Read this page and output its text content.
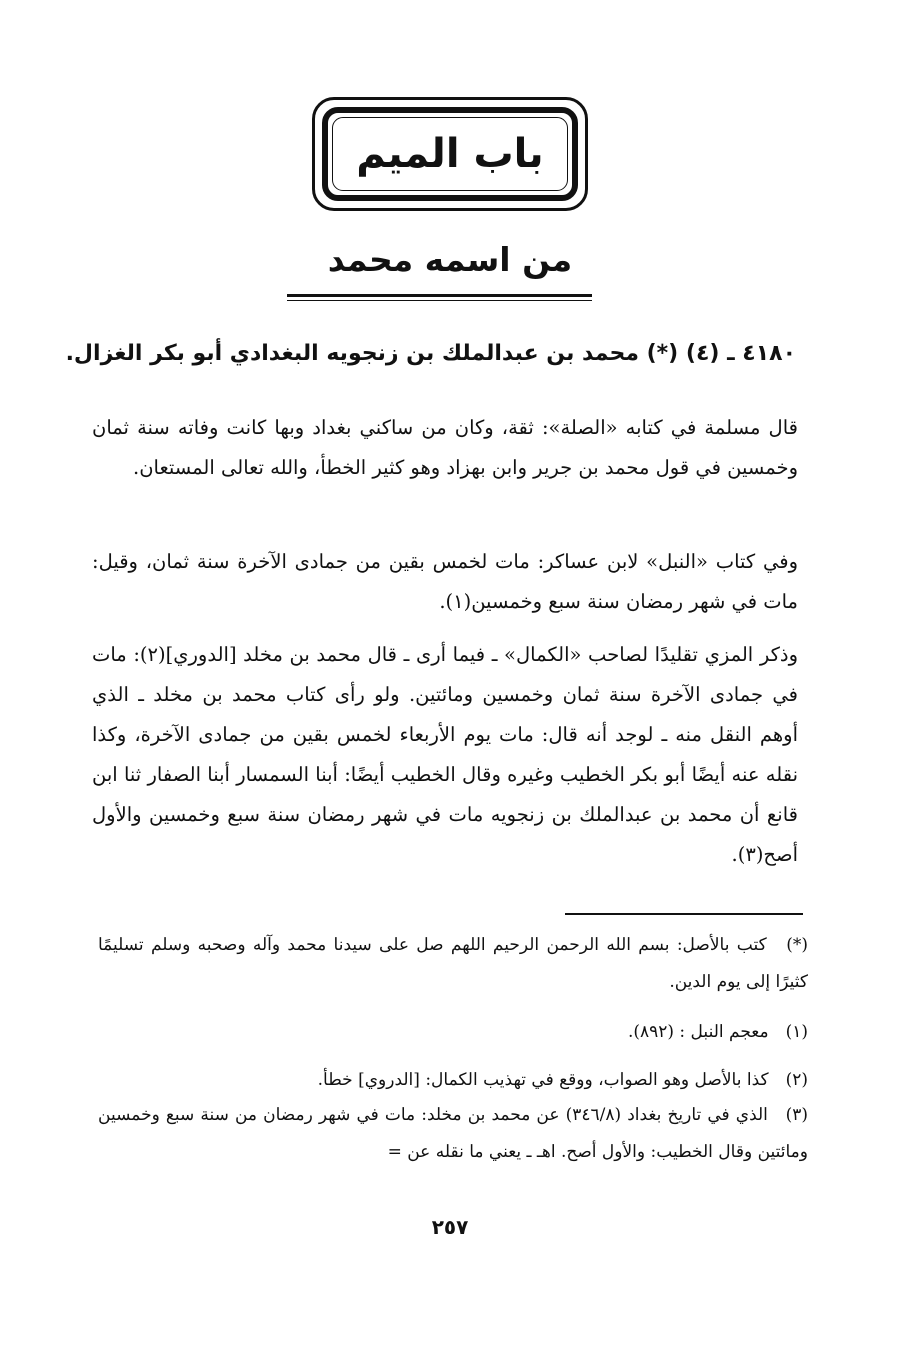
باب الميم
من اسمه محمد
٤١٨٠ ـ (٤) (*) محمد بن عبدالملك بن زنجويه البغدادي أبو بكر الغزال.

قال مسلمة في كتابه «الصلة»: ثقة، وكان من ساكني بغداد وبها كانت وفاته سنة ثمان وخمسين في قول محمد بن جرير وابن بهزاد وهو كثير الخطأ، والله تعالى المستعان.

وفي كتاب «النبل» لابن عساكر: مات لخمس بقين من جمادى الآخرة سنة ثمان، وقيل: مات في شهر رمضان سنة سبع وخمسين(١).

وذكر المزي تقليدًا لصاحب «الكمال» ـ فيما أرى ـ قال محمد بن مخلد [الدوري](٢): مات في جمادى الآخرة سنة ثمان وخمسين ومائتين. ولو رأى كتاب محمد بن مخلد ـ الذي أوهم النقل منه ـ لوجد أنه قال: مات يوم الأربعاء لخمس بقين من جمادى الآخرة، وكذا نقله عنه أيضًا أبو بكر الخطيب وغيره وقال الخطيب أيضًا: أبنا السمسار أبنا الصفار ثنا ابن قانع أن محمد بن عبدالملك بن زنجويه مات في شهر رمضان سنة سبع وخمسين والأول أصح(٣).

(*) كتب بالأصل: بسم الله الرحمن الرحيم اللهم صل على سيدنا محمد وآله وصحبه وسلم تسليمًا كثيرًا إلى يوم الدين.
(١) معجم النبل : (٨٩٢).
(٢) كذا بالأصل وهو الصواب، ووقع في تهذيب الكمال: [الدروي] خطأ.
(٣) الذي في تاريخ بغداد (٣٤٦/٨) عن محمد بن مخلد: مات في شهر رمضان من سنة سبع وخمسين ومائتين وقال الخطيب: والأول أصح. اهـ ـ يعني ما نقله عن =
٢٥٧
